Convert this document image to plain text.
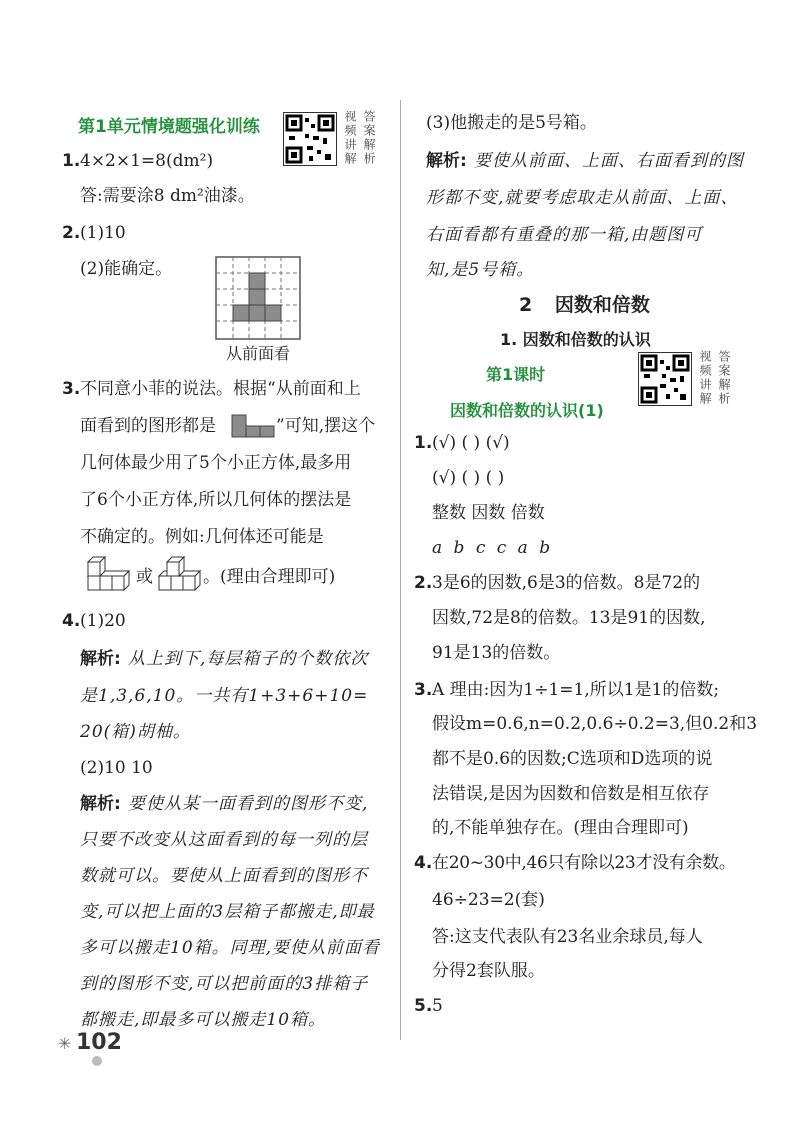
第1单元情境题强化训练	视频讲解 答案解析
1. 4×2×1=8(dm²)
答:需要涂8 dm²油漆。
2. (1)10
(2)能确定。
从前面看
3. 不同意小菲的说法。根据“从前面和上
面看到的图形都是	”可知,摆这个
几何体最少用了5个小正方体,最多用
了6个小正方体,所以几何体的摆法是
不确定的。例如:几何体还可能是
或	。(理由合理即可)
4. (1)20
解析: 从上到下,每层箱子的个数依次
是1,3,6,10。一共有1+3+6+10=
20(箱)胡柚。
(2)10 10
解析: 要使从某一面看到的图形不变,
只要不改变从这面看到的每一列的层
数就可以。要使从上面看到的图形不
变,可以把上面的3层箱子都搬走,即最
多可以搬走10箱。同理,要使从前面看
到的图形不变,可以把前面的3排箱子
都搬走,即最多可以搬走10箱。
(3)他搬走的是5号箱。
解析: 要使从前面、上面、右面看到的图
形都不变,就要考虑取走从前面、上面、
右面看都有重叠的那一箱,由题图可
知,是5号箱。
2 因数和倍数
1. 因数和倍数的认识
第1课时
因数和倍数的认识(1)
视频讲解 答案解析
1. (√) ( ) (√)
(√) ( ) ( )
整数 因数 倍数
a b c c a b
2. 3是6的因数,6是3的倍数。8是72的
因数,72是8的倍数。13是91的因数,
91是13的倍数。
3. A 理由:因为1÷1=1,所以1是1的倍数;
假设m=0.6,n=0.2,0.6÷0.2=3,但0.2和3
都不是0.6的因数;C选项和D选项的说
法错误,是因为因数和倍数是相互依存
的,不能单独存在。(理由合理即可)
4. 在20~30中,46只有除以23才没有余数。
46÷23=2(套)
答:这支代表队有23名业余球员,每人
分得2套队服。
5. 5
✳ 102
